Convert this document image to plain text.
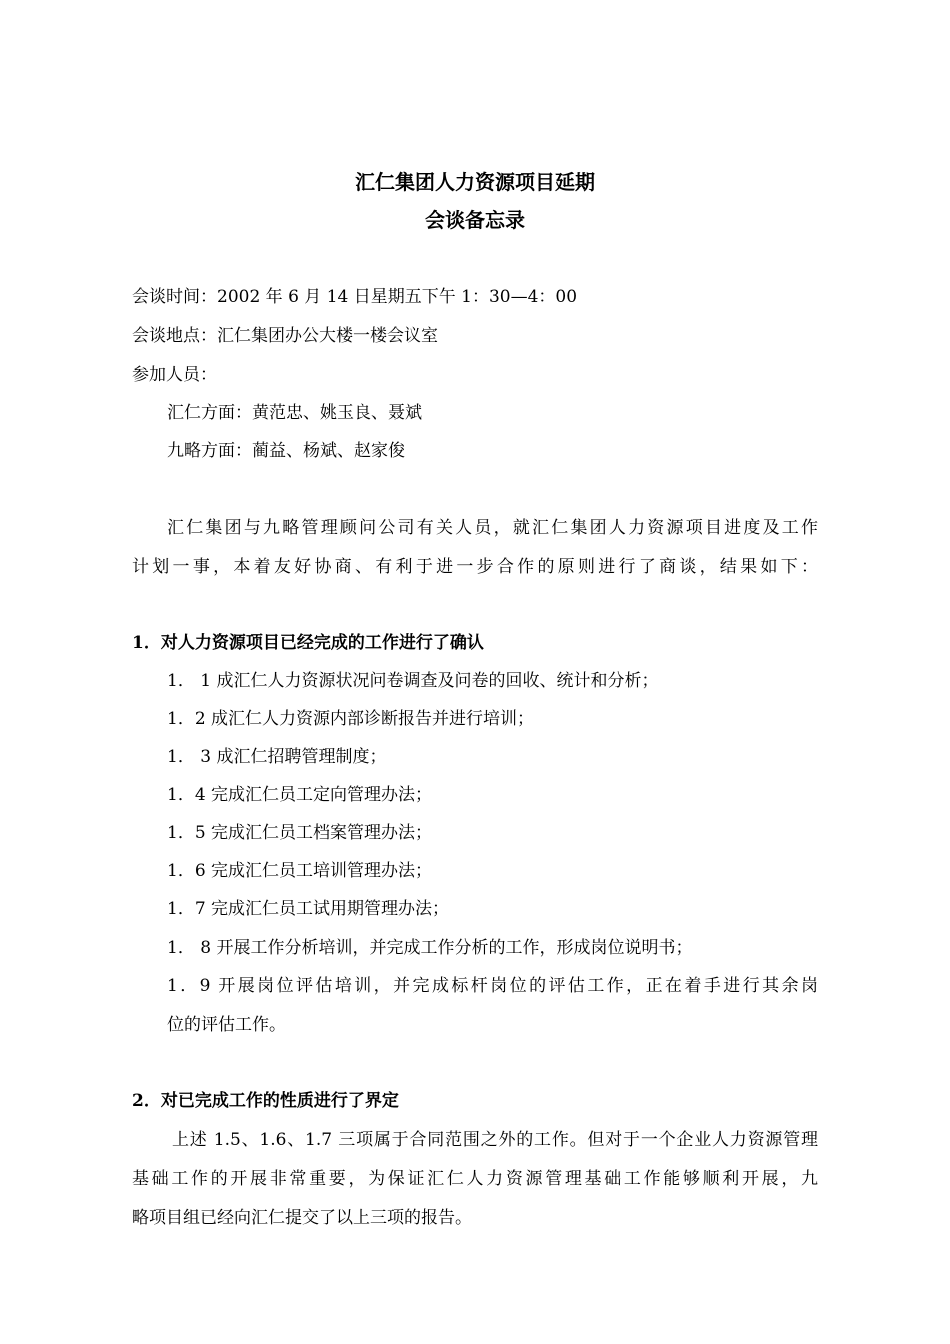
汇仁集团人力资源项目延期
会谈备忘录

会谈时间：2002 年 6 月 14 日星期五下午 1：30—4：00

会谈地点：汇仁集团办公大楼一楼会议室

参加人员：

汇仁方面：黄范忠、姚玉良、聂斌

九略方面：蔺益、杨斌、赵家俊

汇仁集团与九略管理顾问公司有关人员，就汇仁集团人力资源项目进度及工作

计划一事，本着友好协商、有利于进一步合作的原则进行了商谈，结果如下：

1．对人力资源项目已经完成的工作进行了确认

1． 1 成汇仁人力资源状况问卷调查及问卷的回收、统计和分析；

1．2 成汇仁人力资源内部诊断报告并进行培训；

1． 3 成汇仁招聘管理制度；

1．4 完成汇仁员工定向管理办法；

1．5 完成汇仁员工档案管理办法；

1．6 完成汇仁员工培训管理办法；

1．7 完成汇仁员工试用期管理办法；

1． 8 开展工作分析培训，并完成工作分析的工作，形成岗位说明书；

1．9 开展岗位评估培训，并完成标杆岗位的评估工作，正在着手进行其余岗

位的评估工作。

2．对已完成工作的性质进行了界定

上述 1.5、1.6、1.7 三项属于合同范围之外的工作。但对于一个企业人力资源管理

基础工作的开展非常重要，为保证汇仁人力资源管理基础工作能够顺利开展，九

略项目组已经向汇仁提交了以上三项的报告。
